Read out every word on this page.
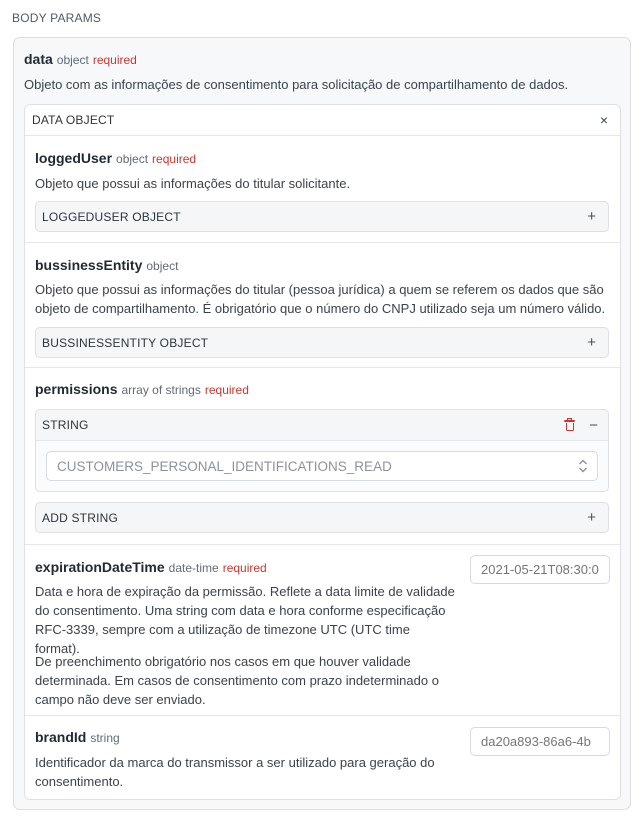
BODY PARAMS
data object required
Objeto com as informações de consentimento para solicitação de compartilhamento de dados.
DATA OBJECT	×
loggedUser object required
Objeto que possui as informações do titular solicitante.
LOGGEDUSER OBJECT	+
bussinessEntity object
Objeto que possui as informações do titular (pessoa jurídica) a quem se referem os dados que são objeto de compartilhamento. É obrigatório que o número do CNPJ utilizado seja um número válido.
BUSSINESSENTITY OBJECT	+
permissions array of strings required
STRING	−
CUSTOMERS_PERSONAL_IDENTIFICATIONS_READ
ADD STRING	+
expirationDateTime date-time required
Data e hora de expiração da permissão. Reflete a data limite de validade do consentimento. Uma string com data e hora conforme especificação RFC-3339, sempre com a utilização de timezone UTC (UTC time format).
De preenchimento obrigatório nos casos em que houver validade determinada. Em casos de consentimento com prazo indeterminado o campo não deve ser enviado.
2021-05-21T08:30:00Z
brandId string
Identificador da marca do transmissor a ser utilizado para geração do consentimento.
da20a893-86a6-4b
